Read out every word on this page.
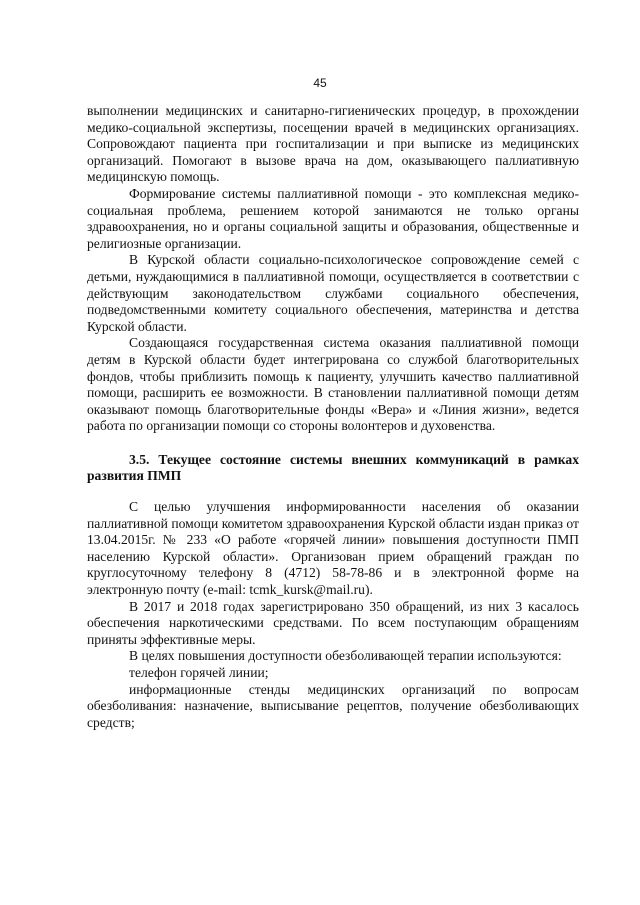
45

выполнении медицинских и санитарно-гигиенических процедур, в прохождении медико-социальной экспертизы, посещении врачей в медицинских организациях. Сопровождают пациента при госпитализации и при выписке из медицинских организаций. Помогают в вызове врача на дом, оказывающего паллиативную медицинскую помощь.

Формирование системы паллиативной помощи - это комплексная медико-социальная проблема, решением которой занимаются не только органы здравоохранения, но и органы социальной защиты и образования, общественные и религиозные организации.

В Курской области социально-психологическое сопровождение семей с детьми, нуждающимися в паллиативной помощи, осуществляется в соответствии с действующим законодательством службами социального обеспечения, подведомственными комитету социального обеспечения, материнства и детства Курской области.

Создающаяся государственная система оказания паллиативной помощи детям в Курской области будет интегрирована со службой благотворительных фондов, чтобы приблизить помощь к пациенту, улучшить качество паллиативной помощи, расширить ее возможности. В становлении паллиативной помощи детям оказывают помощь благотворительные фонды «Вера» и «Линия жизни», ведется работа по организации помощи со стороны волонтеров и духовенства.

3.5. Текущее состояние системы внешних коммуникаций в рамках развития ПМП

С целью улучшения информированности населения об оказании паллиативной помощи комитетом здравоохранения Курской области издан приказ от 13.04.2015г. № 233 «О работе «горячей линии» повышения доступности ПМП населению Курской области». Организован прием обращений граждан по круглосуточному телефону 8 (4712) 58-78-86 и в электронной форме на электронную почту (e-mail: tcmk_kursk@mail.ru).

В 2017 и 2018 годах зарегистрировано 350 обращений, из них 3 касалось обеспечения наркотическими средствами. По всем поступающим обращениям приняты эффективные меры.

В целях повышения доступности обезболивающей терапии используются:

телефон горячей линии;

информационные стенды медицинских организаций по вопросам обезболивания: назначение, выписывание рецептов, получение обезболивающих средств;
